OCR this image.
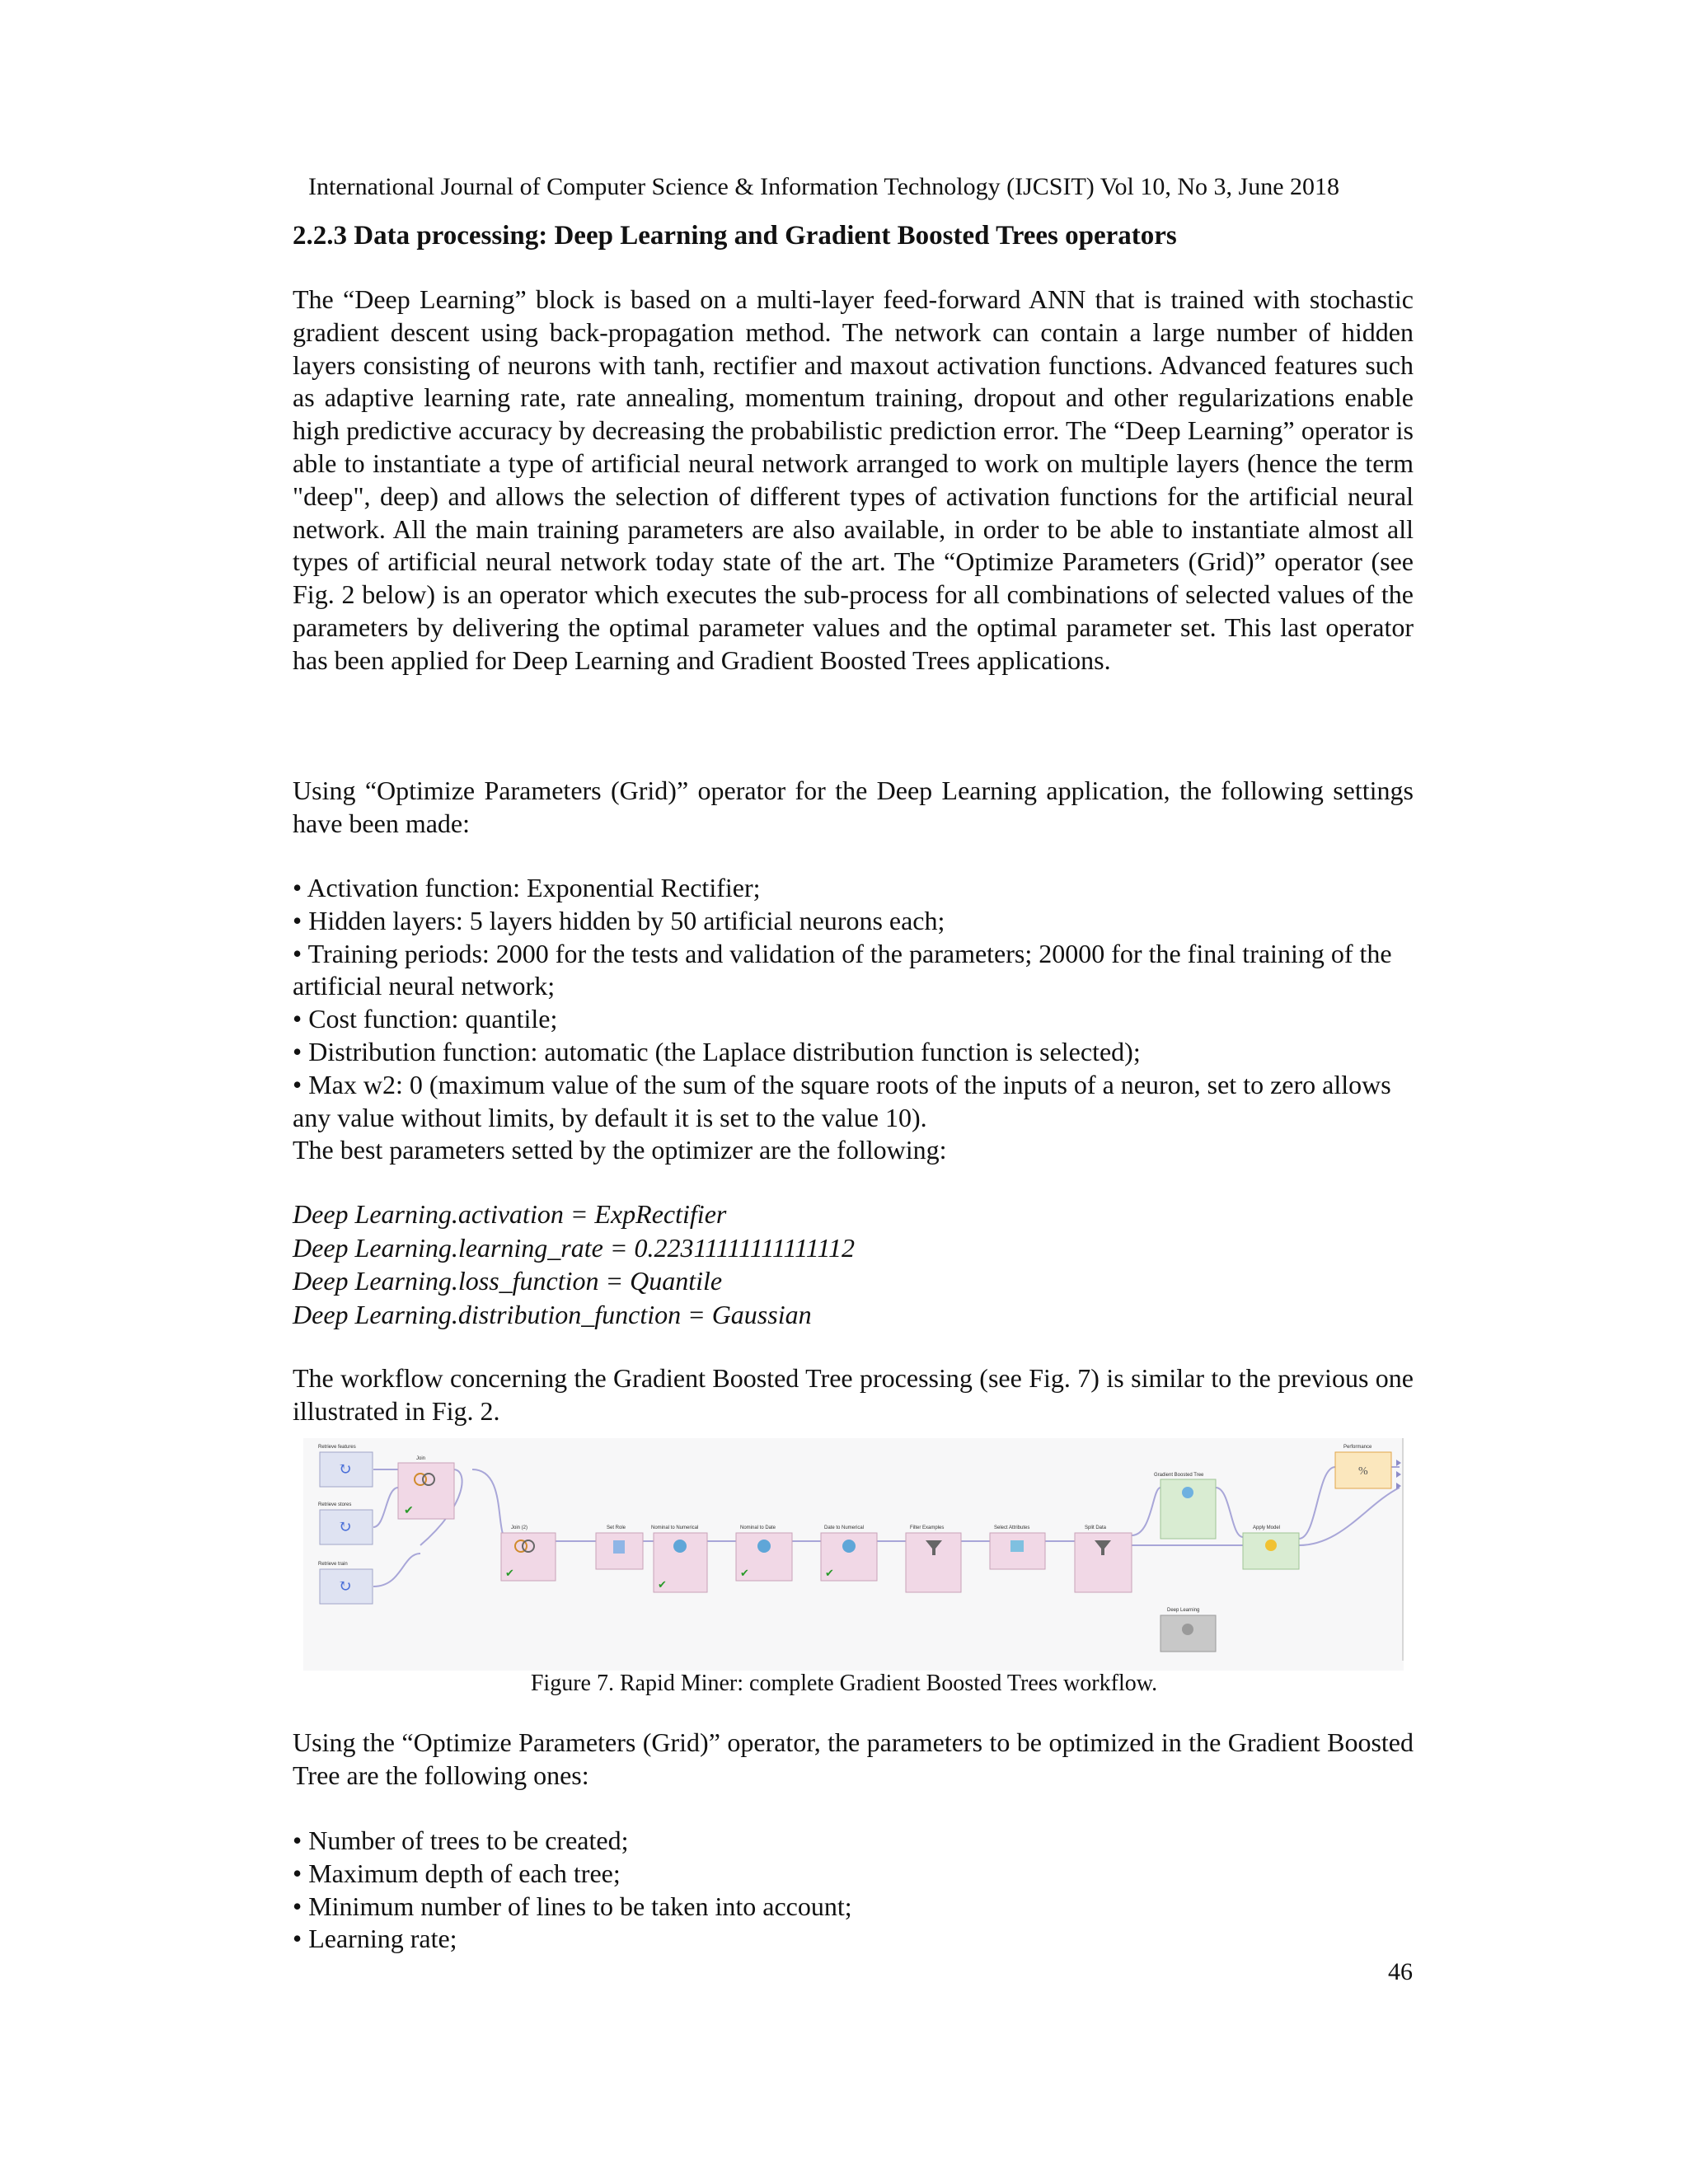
International Journal of Computer Science & Information Technology (IJCSIT) Vol 10, No 3, June 2018
2.2.3 Data processing: Deep Learning and Gradient Boosted Trees operators

The “Deep Learning” block is based on a multi-layer feed-forward ANN that is trained with stochastic gradient descent using back-propagation method. The network can contain a large number of hidden layers consisting of neurons with tanh, rectifier and maxout activation functions. Advanced features such as adaptive learning rate, rate annealing, momentum training, dropout and other regularizations enable high predictive accuracy by decreasing the probabilistic prediction error. The “Deep Learning” operator is able to instantiate a type of artificial neural network arranged to work on multiple layers (hence the term "deep", deep) and allows the selection of different types of activation functions for the artificial neural network. All the main training parameters are also available, in order to be able to instantiate almost all types of artificial neural network today state of the art. The “Optimize Parameters (Grid)” operator (see Fig. 2 below) is an operator which executes the sub-process for all combinations of selected values of the parameters by delivering the optimal parameter values and the optimal parameter set. This last operator has been applied for Deep Learning and Gradient Boosted Trees applications.

Using “Optimize Parameters (Grid)” operator for the Deep Learning application, the following settings have been made:

• Activation function: Exponential Rectifier;
• Hidden layers: 5 layers hidden by 50 artificial neurons each;
• Training periods: 2000 for the tests and validation of the parameters; 20000 for the final training of the artificial neural network;
• Cost function: quantile;
• Distribution function: automatic (the Laplace distribution function is selected);
• Max w2: 0 (maximum value of the sum of the square roots of the inputs of a neuron, set to zero allows any value without limits, by default it is set to the value 10).

The best parameters setted by the optimizer are the following:

Deep Learning.activation = ExpRectifier
Deep Learning.learning_rate = 0.22311111111111112
Deep Learning.loss_function = Quantile
Deep Learning.distribution_function = Gaussian

The workflow concerning the Gradient Boosted Tree processing (see Fig. 7) is similar to the previous one illustrated in Fig. 2.

Retrieve features
↻
Retrieve stores
↻
Retrieve train
↻
Join
✔
Join (2)
✔
Set Role	Nominal to Numerical
✔
Nominal to Date
✔
Date to Numerical
✔
Filter Examples	Select Attributes	Split Data
Gradient Boosted Tree
Apply Model
Performance
%
Deep Learning
Figure 7. Rapid Miner: complete Gradient Boosted Trees workflow.

Using the “Optimize Parameters (Grid)” operator, the parameters to be optimized in the Gradient Boosted Tree are the following ones:

• Number of trees to be created;
• Maximum depth of each tree;
• Minimum number of lines to be taken into account;
• Learning rate;
46
